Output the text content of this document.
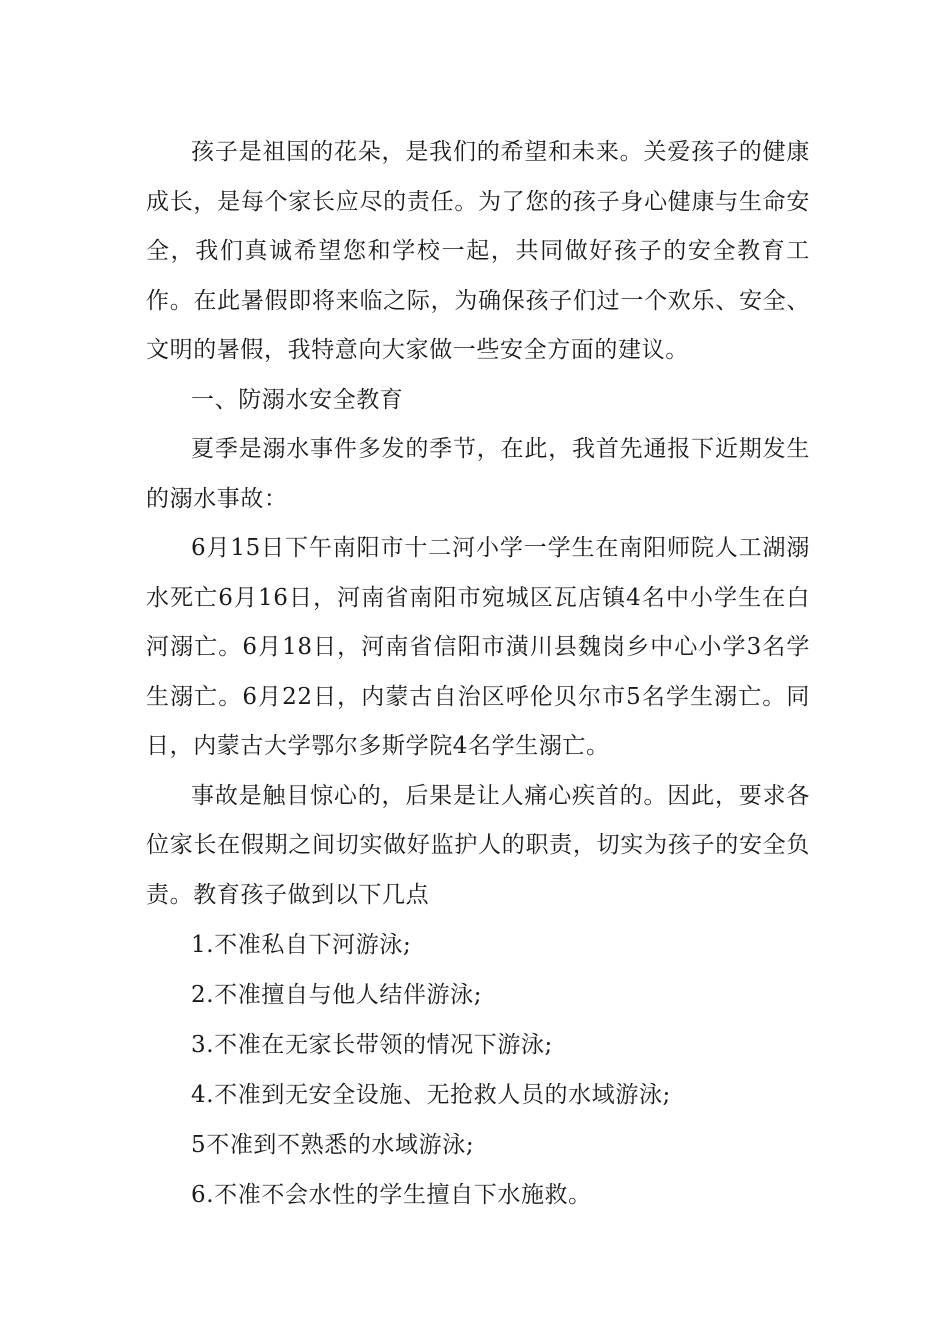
孩子是祖国的花朵，是我们的希望和未来。关爱孩子的健康成长，是每个家长应尽的责任。为了您的孩子身心健康与生命安全，我们真诚希望您和学校一起，共同做好孩子的安全教育工作。在此暑假即将来临之际，为确保孩子们过一个欢乐、安全、文明的暑假，我特意向大家做一些安全方面的建议。

一、防溺水安全教育

夏季是溺水事件多发的季节，在此，我首先通报下近期发生的溺水事故：

6月15日下午南阳市十二河小学一学生在南阳师院人工湖溺水死亡6月16日，河南省南阳市宛城区瓦店镇4名中小学生在白河溺亡。6月18日，河南省信阳市潢川县魏岗乡中心小学3名学生溺亡。6月22日，内蒙古自治区呼伦贝尔市5名学生溺亡。同日，内蒙古大学鄂尔多斯学院4名学生溺亡。

事故是触目惊心的，后果是让人痛心疾首的。因此，要求各位家长在假期之间切实做好监护人的职责，切实为孩子的安全负责。教育孩子做到以下几点

1.不准私自下河游泳;

2.不准擅自与他人结伴游泳;

3.不准在无家长带领的情况下游泳;

4.不准到无安全设施、无抢救人员的水域游泳;

5不准到不熟悉的水域游泳;

6.不准不会水性的学生擅自下水施救。
